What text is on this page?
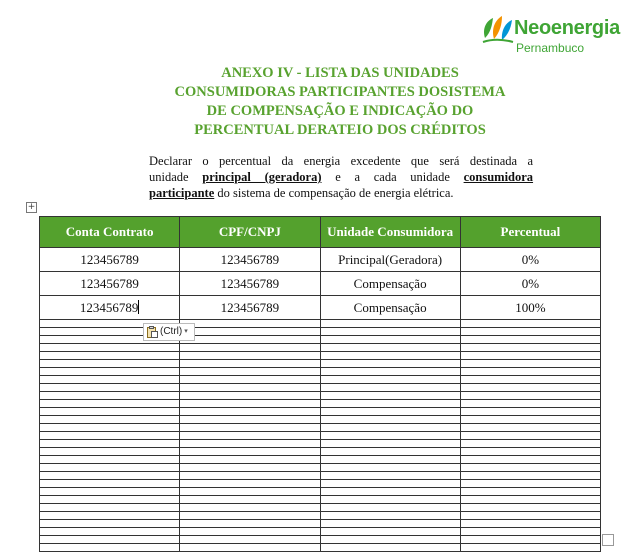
Neoenergia
Pernambuco
ANEXO IV - LISTA DAS UNIDADES
CONSUMIDORAS PARTICIPANTES DOSISTEMA
DE COMPENSAÇÃO E INDICAÇÃO DO
PERCENTUAL DERATEIO DOS CRÉDITOS
Declarar o percentual da energia excedente que será destinada a
unidade principal (geradora) e a cada unidade consumidora
participante do sistema de compensação de energia elétrica.
+
Conta Contrato	CPF/CNPJ	Unidade Consumidora	Percentual
123456789	123456789	Principal(Geradora)	0%
123456789	123456789	Compensação	0%
123456789	123456789	Compensação	100%

(Ctrl) ▾
